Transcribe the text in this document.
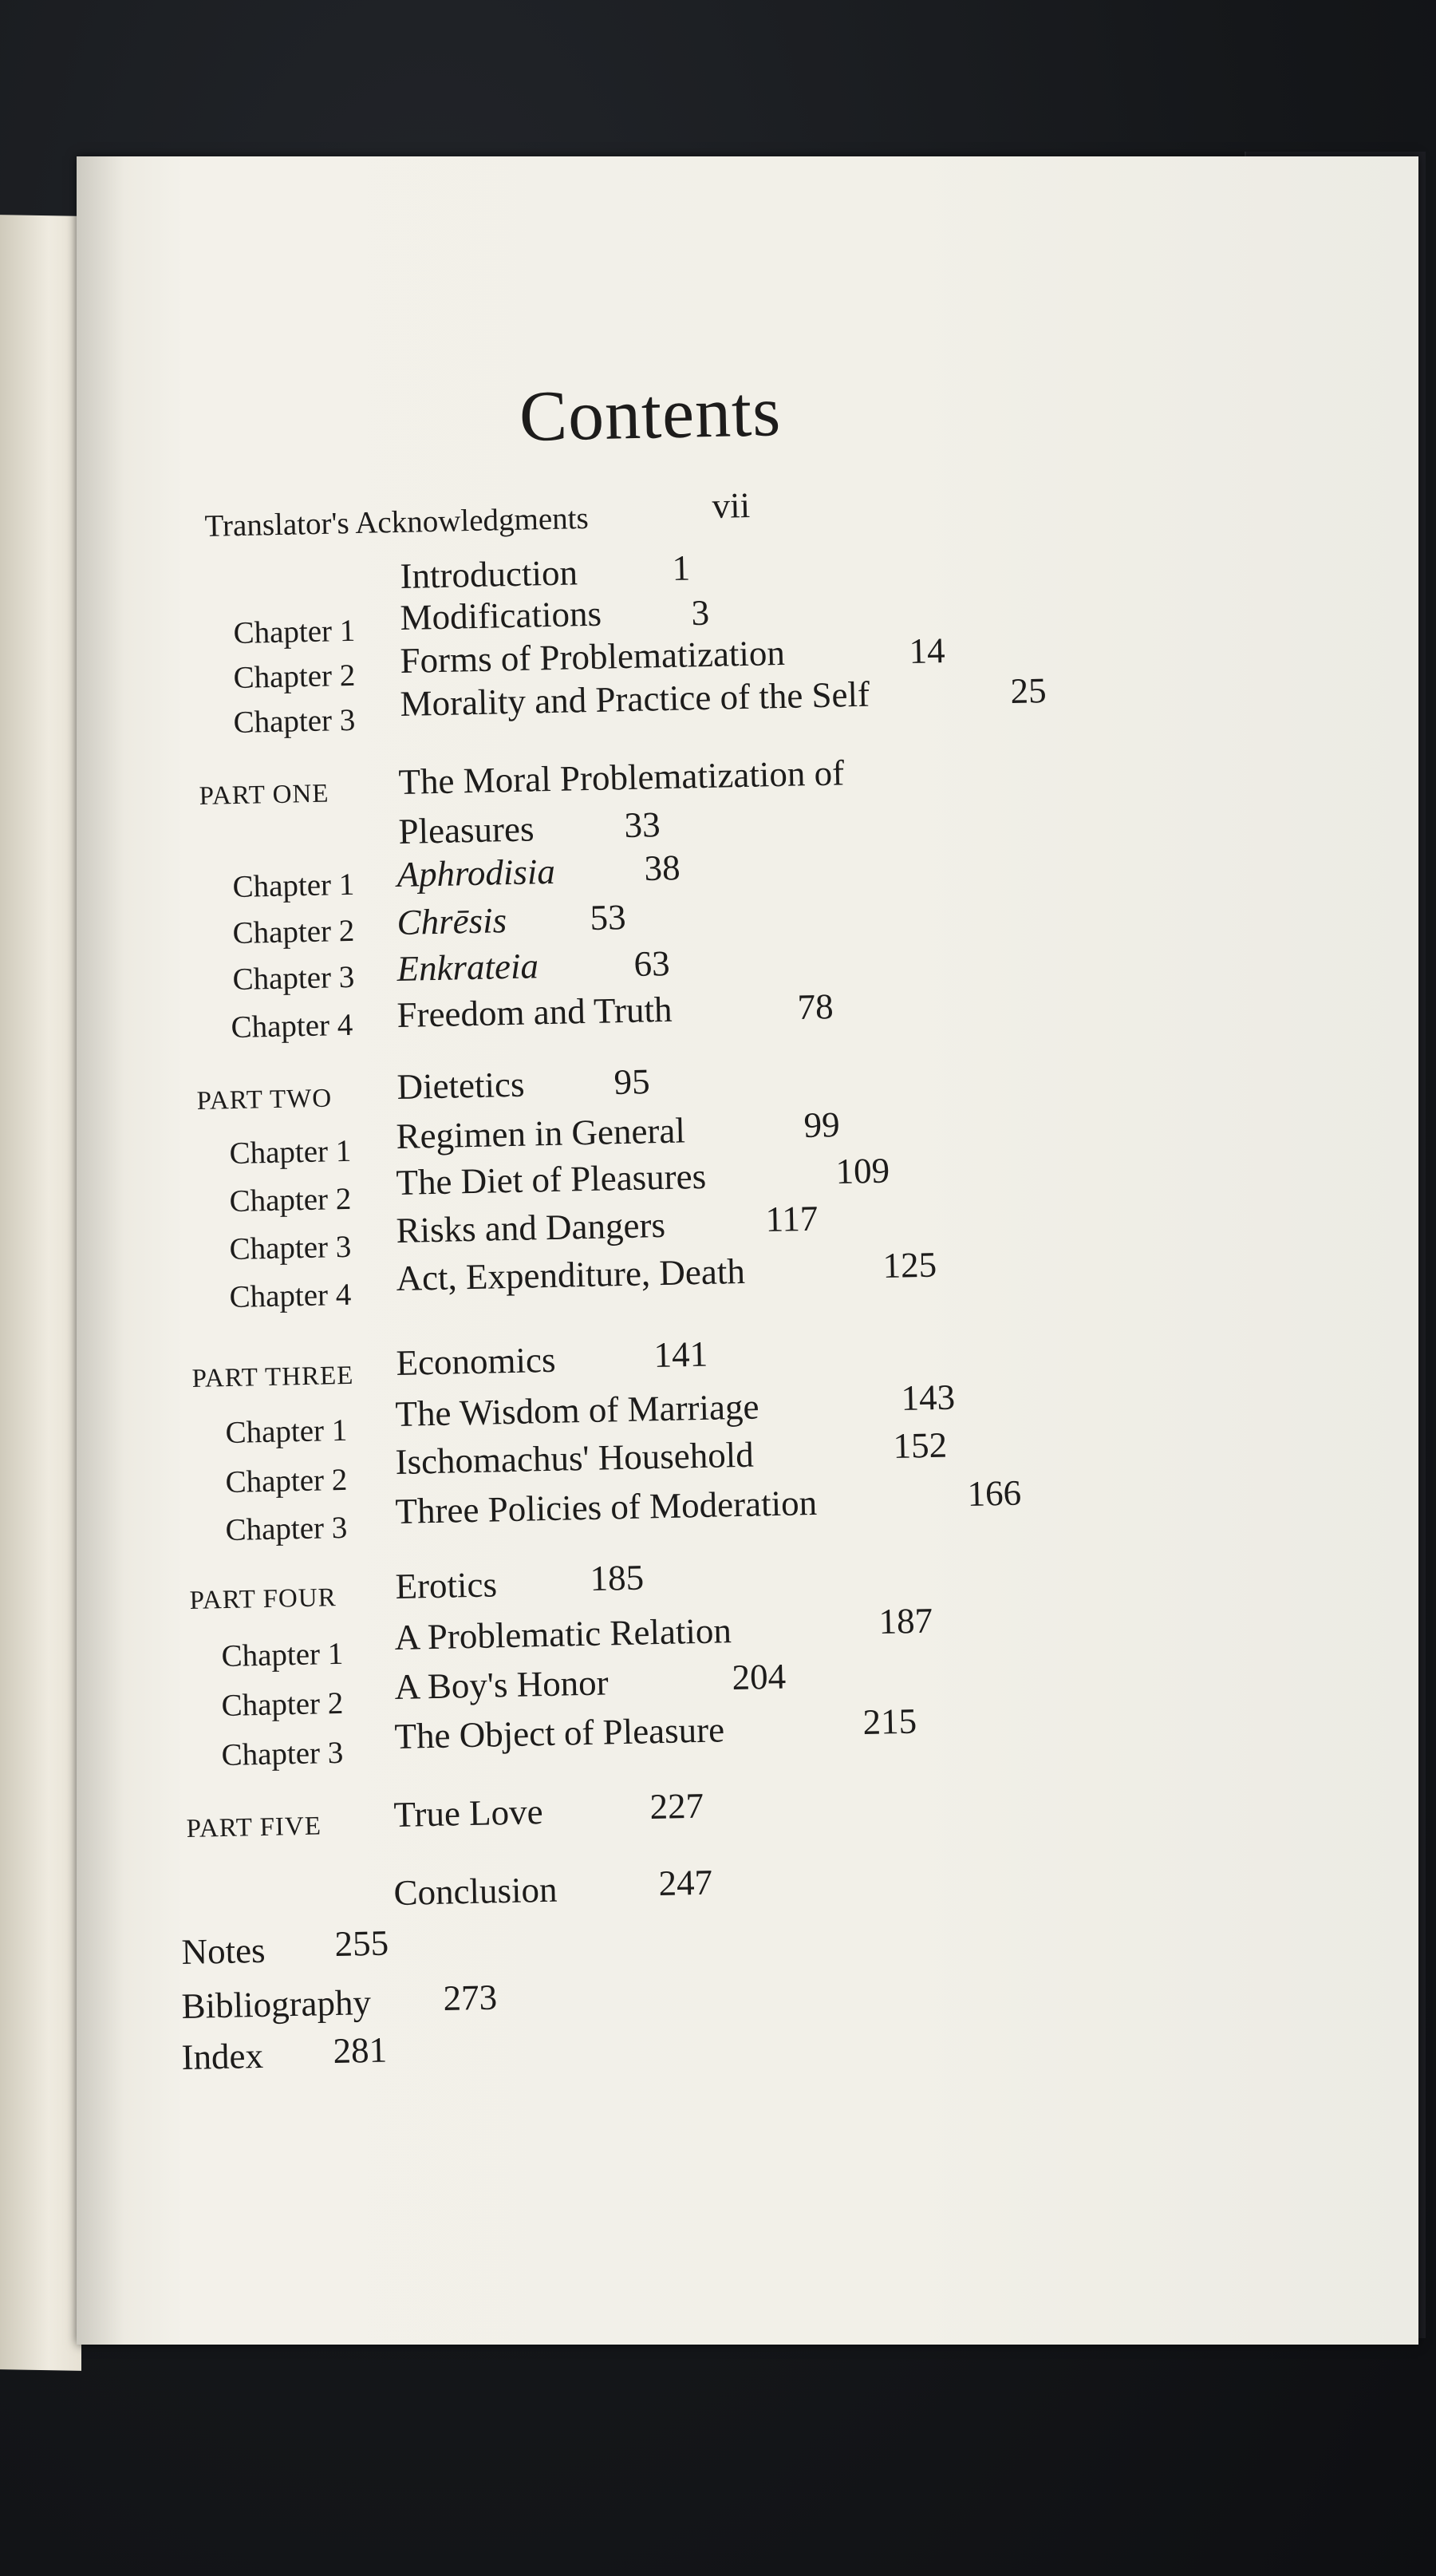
Contents
Translator's Acknowledgments	vii
Introduction	1
Chapter 1 Modifications 3
Chapter 2 Forms of Problematization	14
Chapter 3 Morality and Practice of the Self	25
PART ONE The Moral Problematization of
Pleasures 33
Chapter 1 Aphrodisia 38
Chapter 2 Chrēsis 53
Chapter 3 Enkrateia	63
Chapter 4 Freedom and Truth	78
PART TWO Dietetics 95
Chapter 1 Regimen in General	99
Chapter 2 The Diet of Pleasures	109
Chapter 3 Risks and Dangers	117
Chapter 4 Act, Expenditure, Death	125
PART THREE Economics	141
Chapter 1 The Wisdom of Marriage	143
Chapter 2 Ischomachus' Household	152
Chapter 3 Three Policies of Moderation	166
PART FOUR Erotics	185
Chapter 1 A Problematic Relation	187
Chapter 2 A Boy's Honor	204
Chapter 3 The Object of Pleasure	215
PART FIVE True Love	227
Conclusion	247
Notes 255
Bibliography 273
Index 281
